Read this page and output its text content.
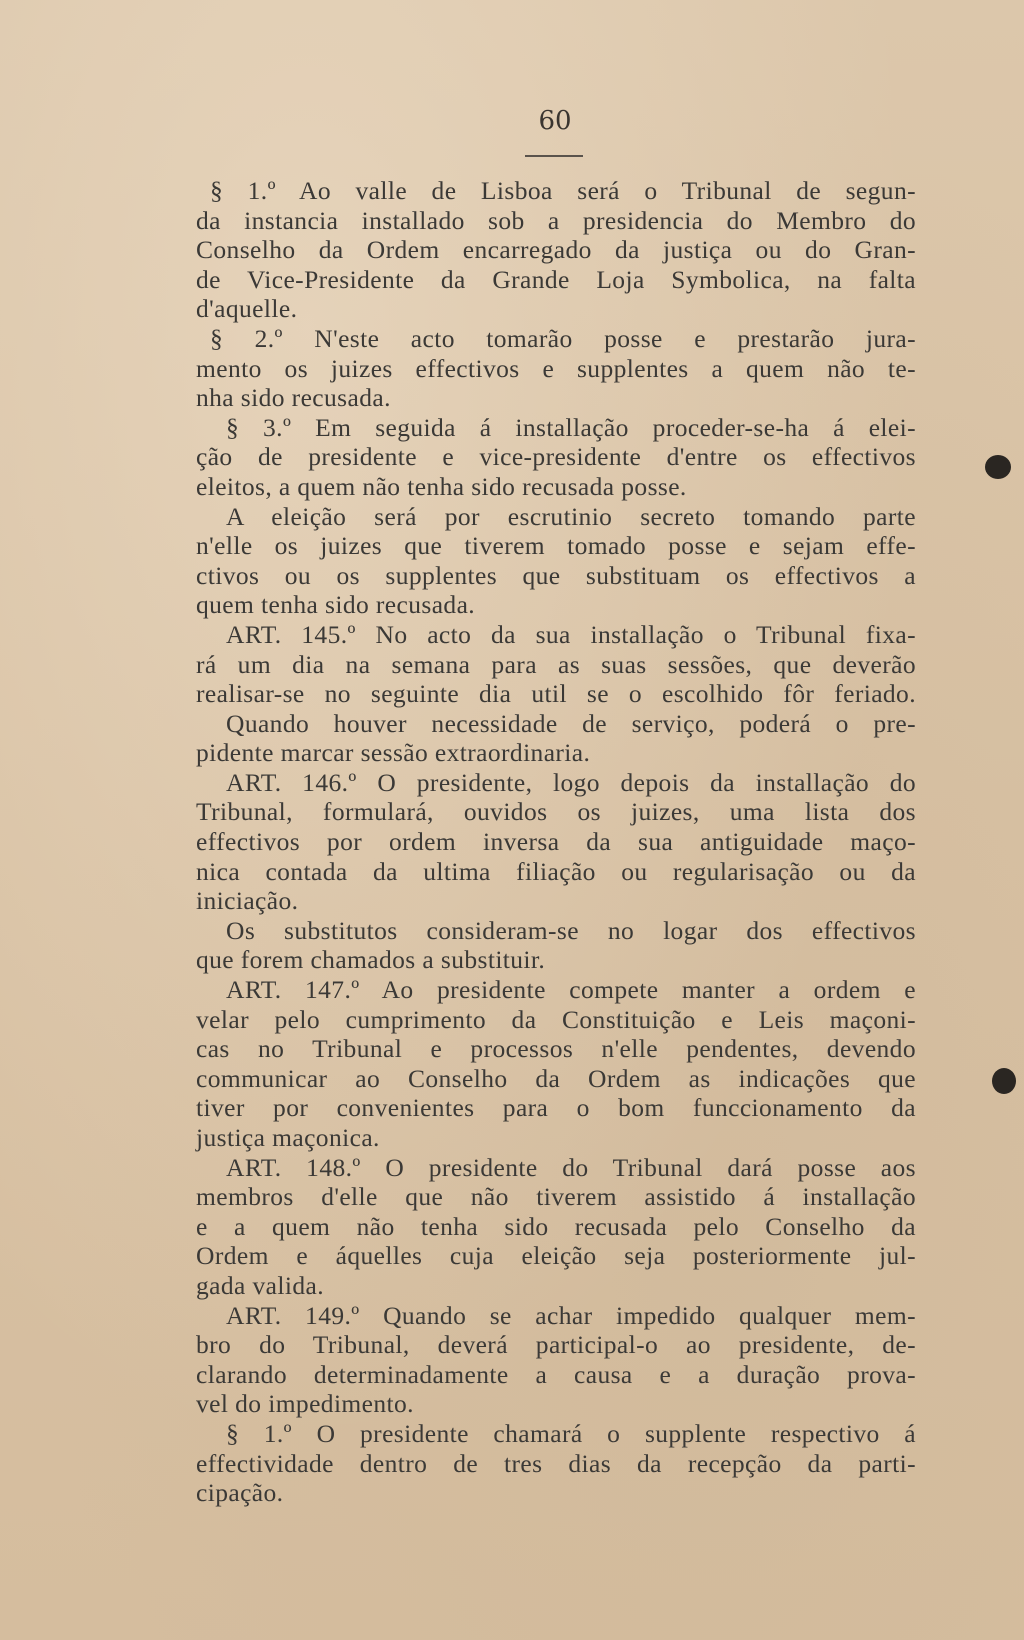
60
§ 1.º Ao valle de Lisboa será o Tribunal de segun-
da instancia installado sob a presidencia do Membro do
Conselho da Ordem encarregado da justiça ou do Gran-
de Vice-Presidente da Grande Loja Symbolica, na falta
d'aquelle.
§ 2.º N'este acto tomarão posse e prestarão jura-
mento os juizes effectivos e supplentes a quem não te-
nha sido recusada.
§ 3.º Em seguida á installação proceder-se-ha á elei-
ção de presidente e vice-presidente d'entre os effectivos
eleitos, a quem não tenha sido recusada posse.
A eleição será por escrutinio secreto tomando parte
n'elle os juizes que tiverem tomado posse e sejam effe-
ctivos ou os supplentes que substituam os effectivos a
quem tenha sido recusada.
ART. 145.º No acto da sua installação o Tribunal fixa-
rá um dia na semana para as suas sessões, que deverão
realisar-se no seguinte dia util se o escolhido fôr feriado.
Quando houver necessidade de serviço, poderá o pre-
pidente marcar sessão extraordinaria.
ART. 146.º O presidente, logo depois da installação do
Tribunal, formulará, ouvidos os juizes, uma lista dos
effectivos por ordem inversa da sua antiguidade maço-
nica contada da ultima filiação ou regularisação ou da
iniciação.
Os substitutos consideram-se no logar dos effectivos
que forem chamados a substituir.
ART. 147.º Ao presidente compete manter a ordem e
velar pelo cumprimento da Constituição e Leis maçoni-
cas no Tribunal e processos n'elle pendentes, devendo
communicar ao Conselho da Ordem as indicações que
tiver por convenientes para o bom funccionamento da
justiça maçonica.
ART. 148.º O presidente do Tribunal dará posse aos
membros d'elle que não tiverem assistido á installação
e a quem não tenha sido recusada pelo Conselho da
Ordem e áquelles cuja eleição seja posteriormente jul-
gada valida.
ART. 149.º Quando se achar impedido qualquer mem-
bro do Tribunal, deverá participal-o ao presidente, de-
clarando determinadamente a causa e a duração prova-
vel do impedimento.
§ 1.º O presidente chamará o supplente respectivo á
effectividade dentro de tres dias da recepção da parti-
cipação.
